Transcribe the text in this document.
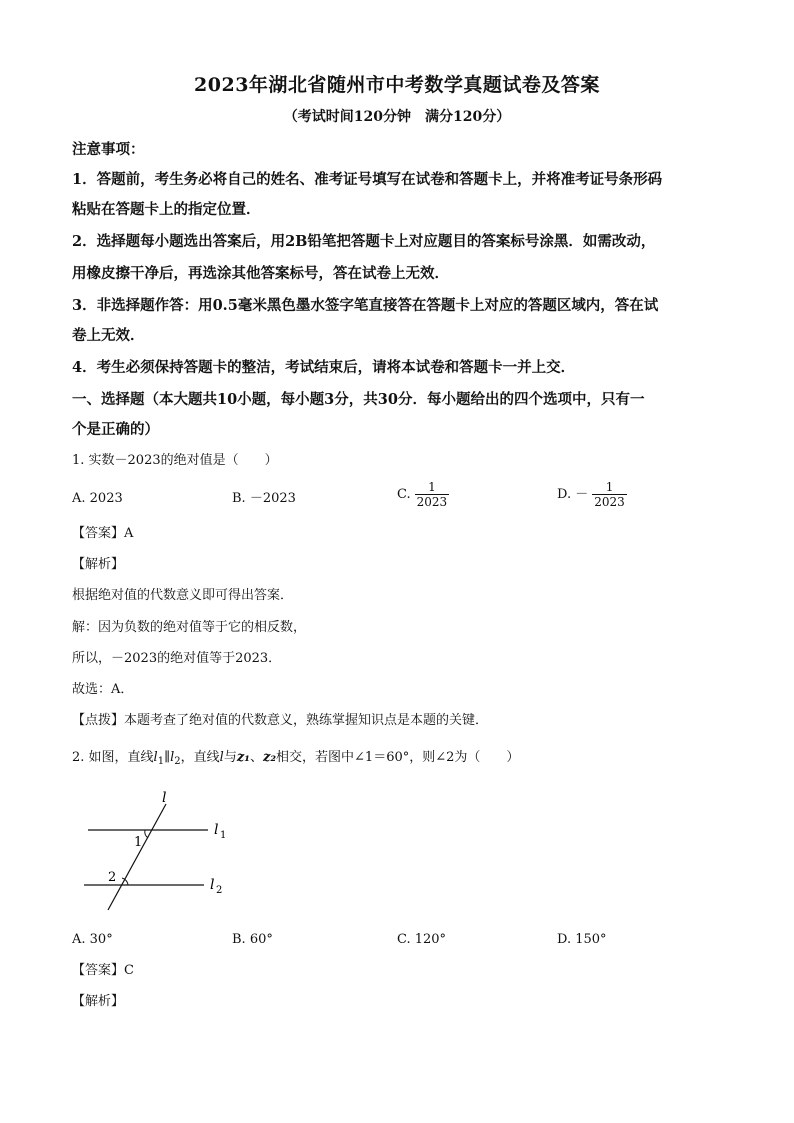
2023年湖北省随州市中考数学真题试卷及答案
（考试时间120分钟　满分120分）
注意事项：
1．答题前，考生务必将自己的姓名、准考证号填写在试卷和答题卡上，并将准考证号条形码
粘贴在答题卡上的指定位置．
2．选择题每小题选出答案后，用2B铅笔把答题卡上对应题目的答案标号涂黑．如需改动，
用橡皮擦干净后，再选涂其他答案标号，答在试卷上无效．
3．非选择题作答：用0.5毫米黑色墨水签字笔直接答在答题卡上对应的答题区域内，答在试
卷上无效．
4．考生必须保持答题卡的整洁，考试结束后，请将本试卷和答题卡一并上交．
一、选择题（本大题共10小题，每小题3分，共30分．每小题给出的四个选项中，只有一
个是正确的）
1. 实数－2023的绝对值是（　　）
A. 2023	B. －2023	C. $\frac{1}{2023}$	D. － $\frac{1}{2023}$
【答案】A
【解析】
根据绝对值的代数意义即可得出答案．
解：因为负数的绝对值等于它的相反数，
所以，－2023的绝对值等于2023．
故选：A．
【点拨】本题考查了绝对值的代数意义，熟练掌握知识点是本题的关键．
2. 如图，直线$l_1\parallel l_2$，直线l与z₁、z₂相交，若图中∠1＝60°，则∠2为（　　）
l
l 1
l 2
1
2
A. 30°	B. 60°	C. 120°	D. 150°
【答案】C
【解析】
